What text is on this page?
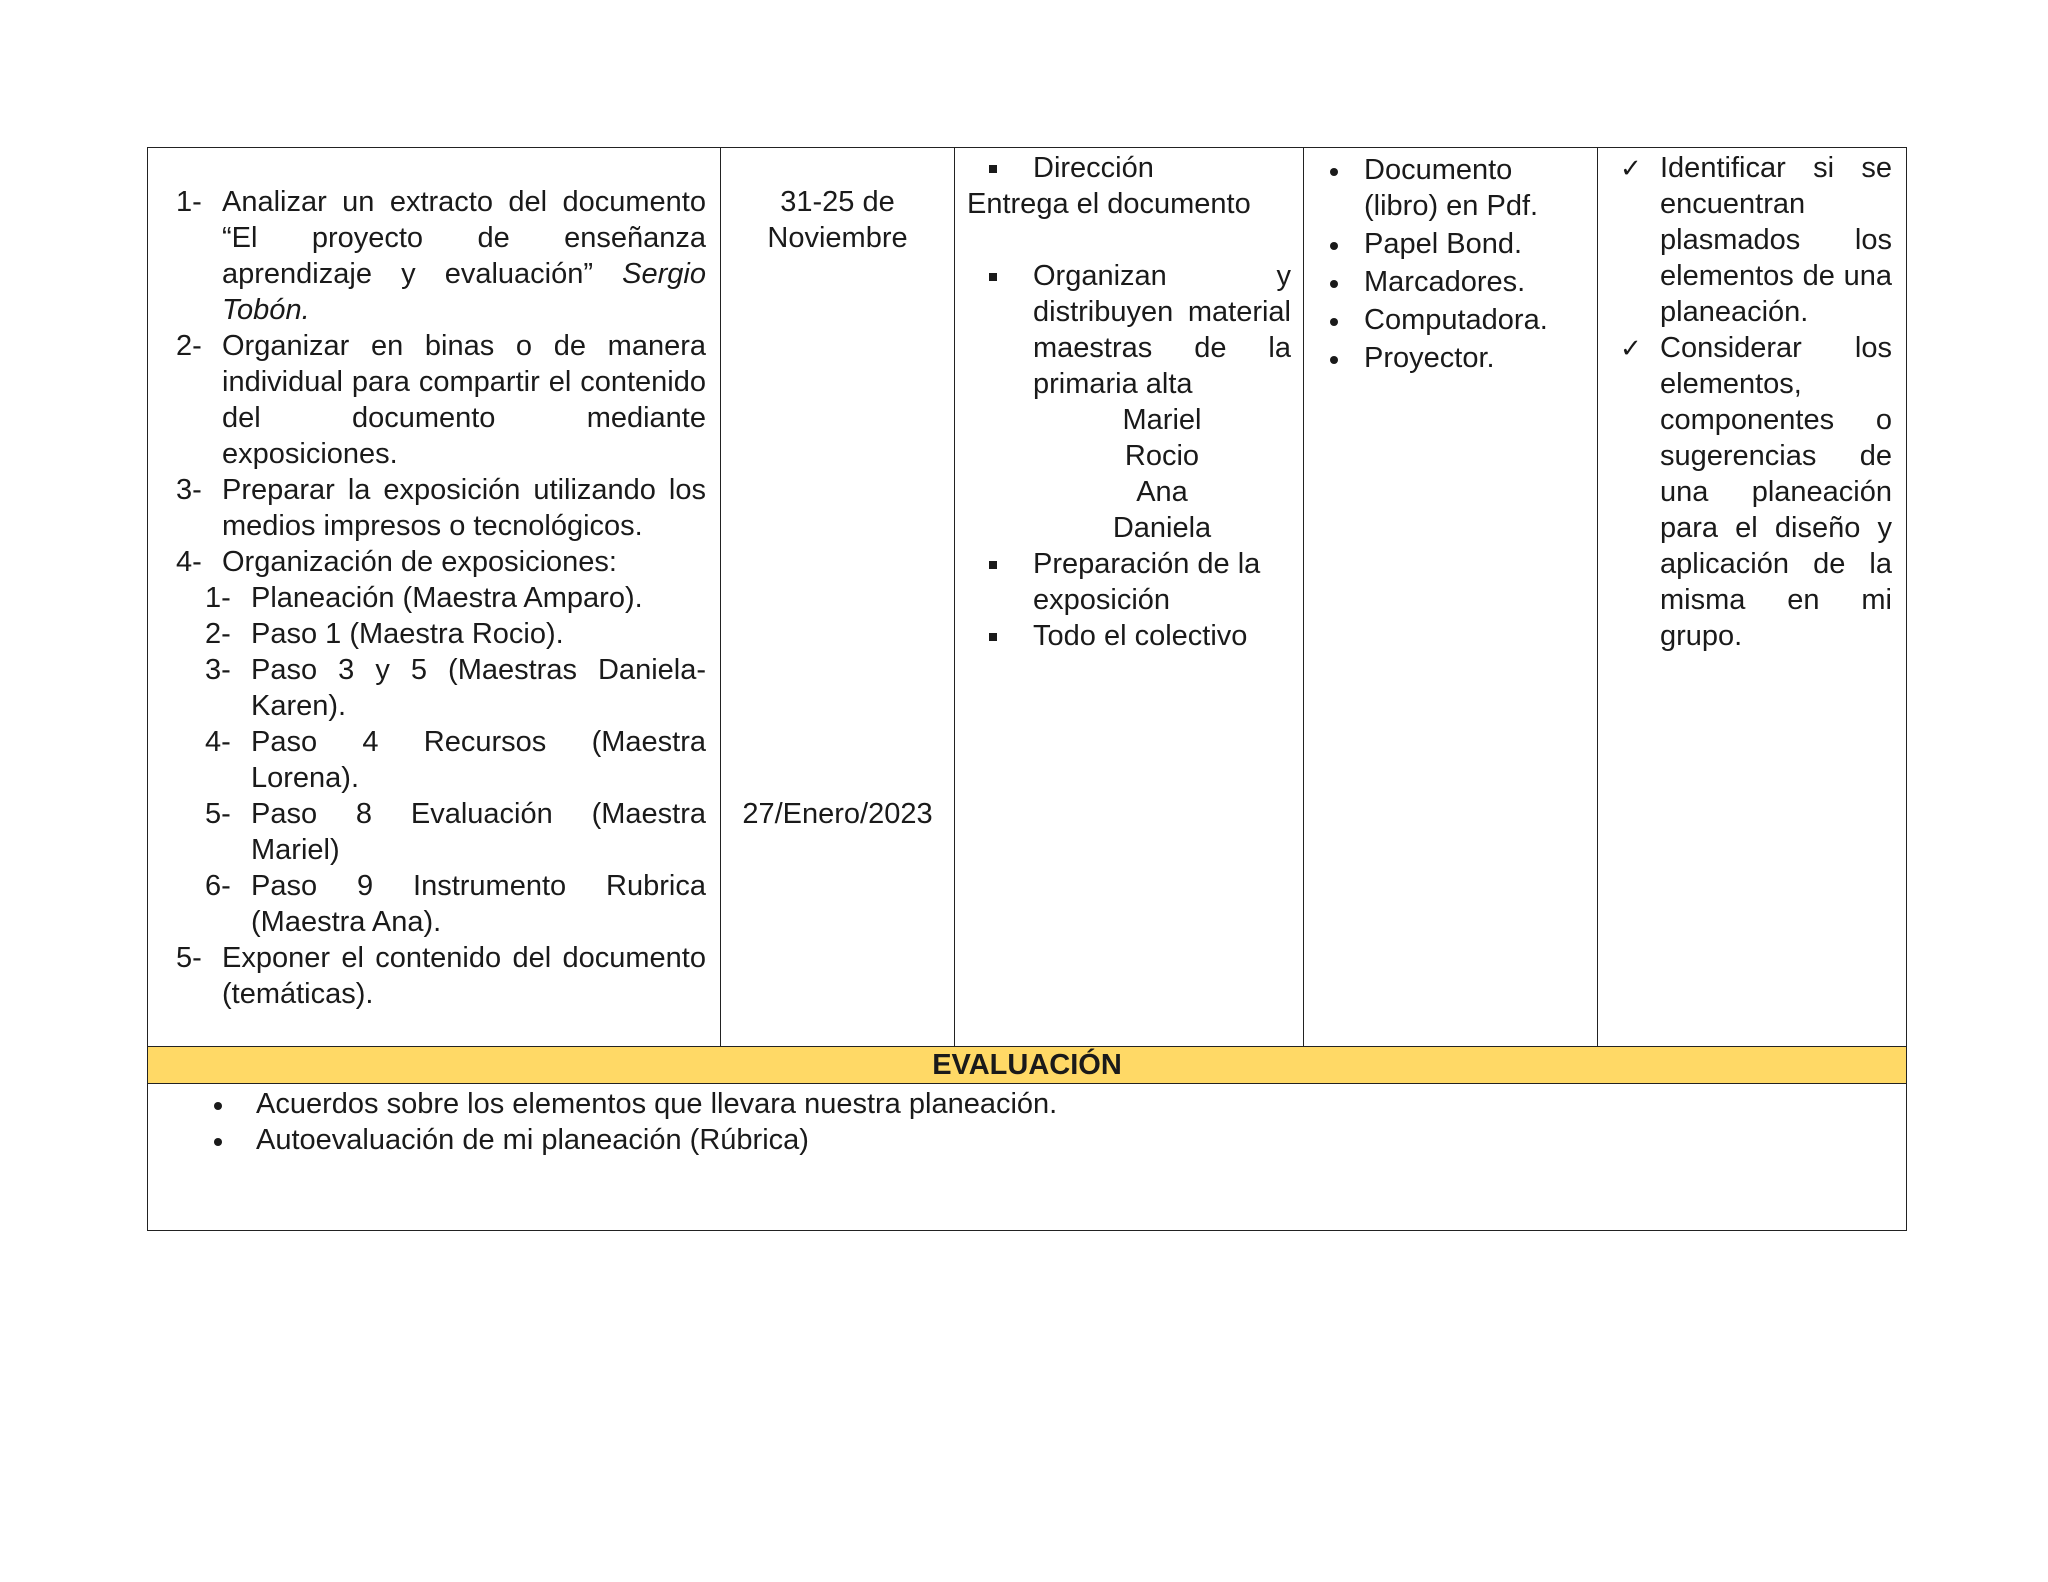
1- Analizar un extracto del documento “El proyecto de enseñanza aprendizaje y evaluación” Sergio Tobón.
2- Organizar en binas o de manera individual para compartir el contenido del documento mediante exposiciones.
3- Preparar la exposición utilizando los medios impresos o tecnológicos.
4- Organización de exposiciones:
1- Planeación (Maestra Amparo).
2- Paso 1 (Maestra Rocio).
3- Paso 3 y 5 (Maestras Daniela-Karen).
4- Paso 4 Recursos (Maestra Lorena).
5- Paso 8 Evaluación (Maestra Mariel)
6- Paso 9 Instrumento Rubrica (Maestra Ana).
5- Exponer el contenido del documento (temáticas).

31-25 de Noviembre
27/Enero/2023

Dirección
Entrega el documento
Organizan y distribuyen material maestras de la primaria alta
Mariel
Rocio
Ana
Daniela
Preparación de la exposición
Todo el colectivo

Documento (libro) en Pdf.
Papel Bond.
Marcadores.
Computadora.
Proyector.

✓ Identificar si se encuentran plasmados los elementos de una planeación.
✓ Considerar los elementos, componentes o sugerencias de una planeación para el diseño y aplicación de la misma en mi grupo.

EVALUACIÓN

Acuerdos sobre los elementos que llevara nuestra planeación.
Autoevaluación de mi planeación (Rúbrica)
